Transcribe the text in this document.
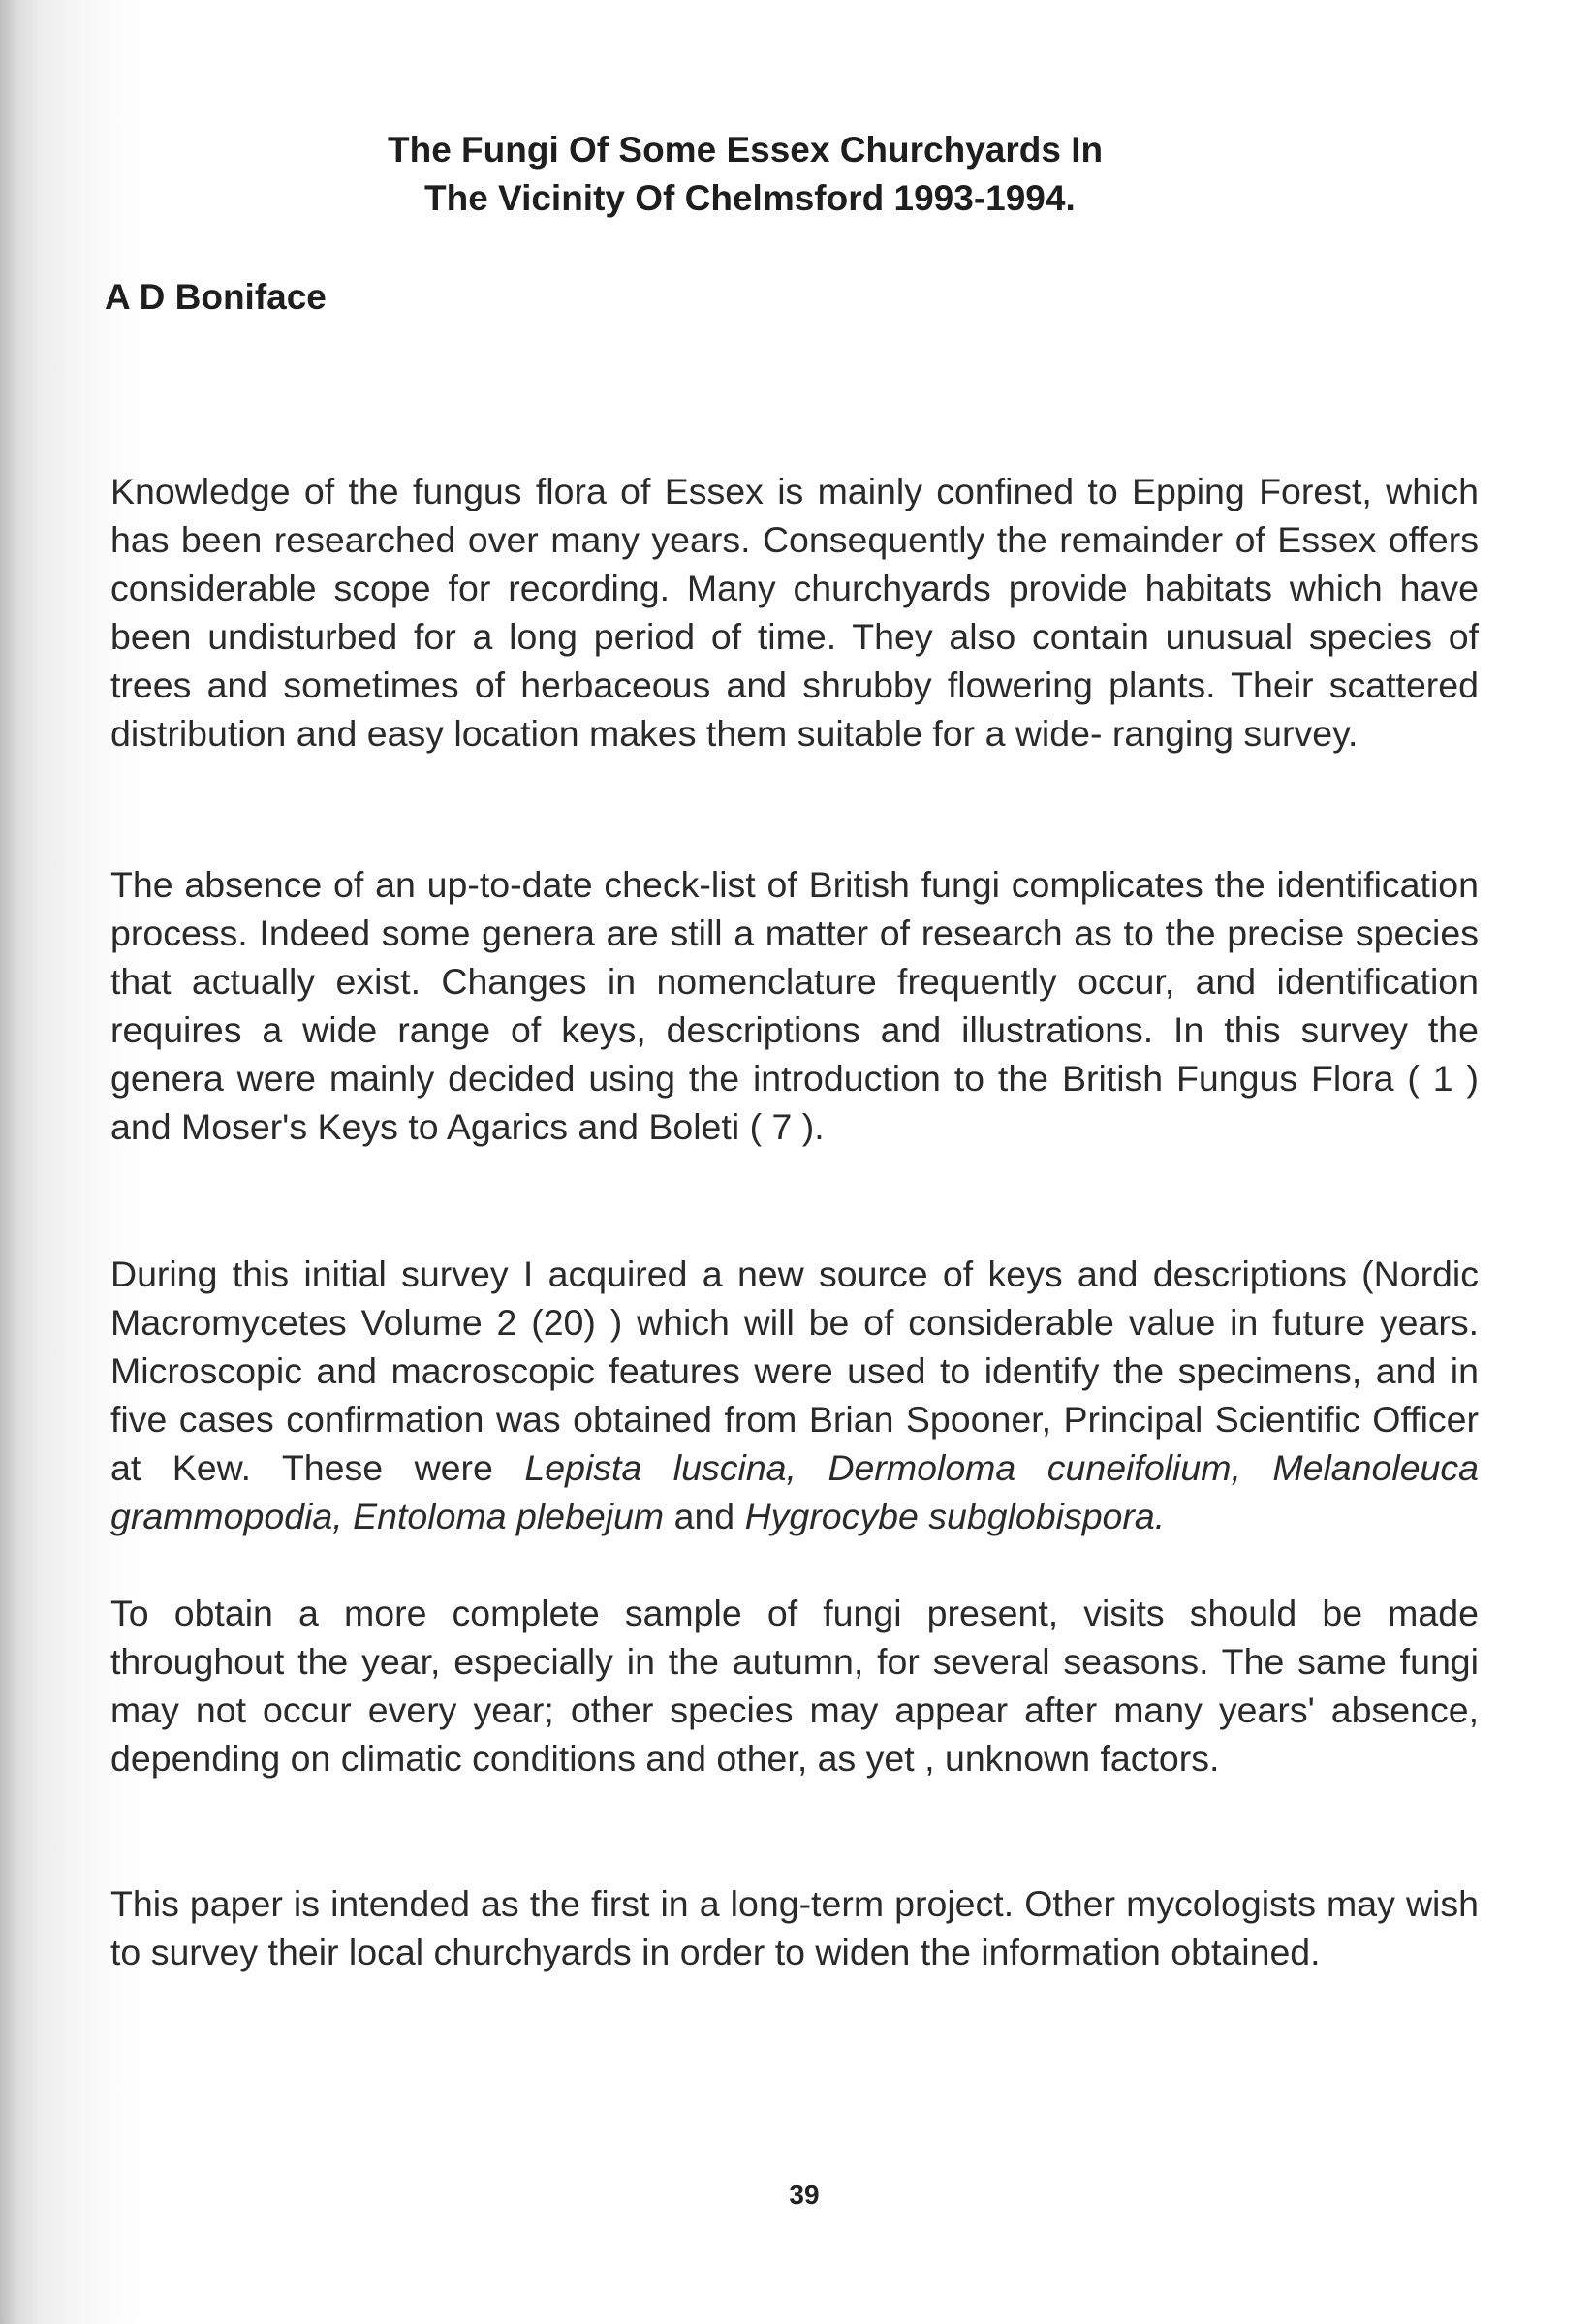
The Fungi Of Some Essex Churchyards In
The Vicinity Of Chelmsford 1993-1994.

A D Boniface

Knowledge of the fungus flora of Essex is mainly confined to Epping Forest, which has been researched over many years. Consequently the remainder of Essex offers considerable scope for recording. Many churchyards provide habitats which have been undisturbed for a long period of time. They also contain unusual species of trees and sometimes of herbaceous and shrubby flowering plants. Their scattered distribution and easy location makes them suitable for a wide- ranging survey.

The absence of an up-to-date check-list of British fungi complicates the identification process. Indeed some genera are still a matter of research as to the precise species that actually exist. Changes in nomenclature frequently occur, and identification requires a wide range of keys, descriptions and illustrations. In this survey the genera were mainly decided using the introduction to the British Fungus Flora ( 1 ) and Moser's Keys to Agarics and Boleti ( 7 ).

During this initial survey I acquired a new source of keys and descriptions (Nordic Macromycetes Volume 2 (20) ) which will be of considerable value in future years. Microscopic and macroscopic features were used to identify the specimens, and in five cases confirmation was obtained from Brian Spooner, Principal Scientific Officer at Kew. These were Lepista luscina, Dermoloma cuneifolium, Melanoleuca grammopodia, Entoloma plebejum and Hygrocybe subglobispora.

To obtain a more complete sample of fungi present, visits should be made throughout the year, especially in the autumn, for several seasons. The same fungi may not occur every year; other species may appear after many years' absence, depending on climatic conditions and other, as yet , unknown factors.

This paper is intended as the first in a long-term project. Other mycologists may wish to survey their local churchyards in order to widen the information obtained.

39
